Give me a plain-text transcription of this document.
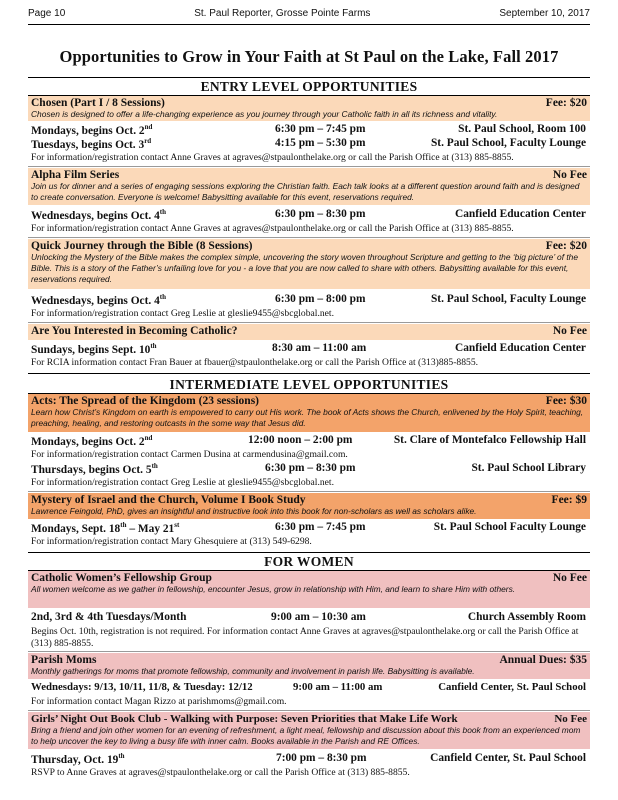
Page 10	St. Paul Reporter, Grosse Pointe Farms	September 10, 2017
Opportunities to Grow in Your Faith at St Paul on the Lake, Fall 2017
ENTRY LEVEL OPPORTUNITIES
Chosen (Part I / 8 Sessions)	Fee: $20
Chosen is designed to offer a life-changing experience as you journey through your Catholic faith in all its richness and vitality.
Mondays, begins Oct. 2nd	6:30 pm – 7:45 pm	St. Paul School, Room 100
Tuesdays, begins Oct. 3rd	4:15 pm – 5:30 pm	St. Paul School, Faculty Lounge
For information/registration contact Anne Graves at agraves@stpaulonthelake.org or call the Parish Office at (313) 885-8855.
Alpha Film Series	No Fee
Join us for dinner and a series of engaging sessions exploring the Christian faith. Each talk looks at a different question around faith and is designed to create conversation. Everyone is welcome! Babysitting available for this event, reservations required.
Wednesdays, begins Oct. 4th	6:30 pm – 8:30 pm	Canfield Education Center
For information/registration contact Anne Graves at agraves@stpaulonthelake.org or call the Parish Office at (313) 885-8855.
Quick Journey through the Bible (8 Sessions)	Fee: $20
Unlocking the Mystery of the Bible makes the complex simple, uncovering the story woven throughout Scripture and getting to the ‘big picture’ of the Bible. This is a story of the Father’s unfailing love for you - a love that you are now called to share with others. Babysitting available for this event, reservations required.
Wednesdays, begins Oct. 4th	6:30 pm – 8:00 pm	St. Paul School, Faculty Lounge
For information/registration contact Greg Leslie at gleslie9455@sbcglobal.net.
Are You Interested in Becoming Catholic?	No Fee
Sundays, begins Sept. 10th	8:30 am – 11:00 am	Canfield Education Center
For RCIA information contact Fran Bauer at fbauer@stpaulonthelake.org or call the Parish Office at (313)885-8855.
INTERMEDIATE LEVEL OPPORTUNITIES
Acts: The Spread of the Kingdom (23 sessions)	Fee: $30
Learn how Christ’s Kingdom on earth is empowered to carry out His work. The book of Acts shows the Church, enlivened by the Holy Spirit, teaching, preaching, healing, and restoring outcasts in the some way that Jesus did.
Mondays, begins Oct. 2nd	12:00 noon – 2:00 pm	St. Clare of Montefalco Fellowship Hall
For information/registration contact Carmen Dusina at carmendusina@gmail.com.
Thursdays, begins Oct. 5th	6:30 pm – 8:30 pm	St. Paul School Library
For information/registration contact Greg Leslie at gleslie9455@sbcglobal.net.
Mystery of Israel and the Church, Volume I Book Study	Fee: $9
Lawrence Feingold, PhD, gives an insightful and instructive look into this book for non-scholars as well as scholars alike.
Mondays, Sept. 18th – May 21st	6:30 pm – 7:45 pm	St. Paul School Faculty Lounge
For information/registration contact Mary Ghesquiere at (313) 549-6298.
FOR WOMEN
Catholic Women’s Fellowship Group	No Fee
All women welcome as we gather in fellowship, encounter Jesus, grow in relationship with Him, and learn to share Him with others.
2nd, 3rd & 4th Tuesdays/Month	9:00 am – 10:30 am	Church Assembly Room
Begins Oct. 10th, registration is not required. For information contact Anne Graves at agraves@stpaulonthelake.org or call the Parish Office at (313) 885-8855.
Parish Moms	Annual Dues: $35
Monthly gatherings for moms that promote fellowship, community and involvement in parish life. Babysitting is available.
Wednesdays: 9/13, 10/11, 11/8, & Tuesday: 12/12	9:00 am – 11:00 am	Canfield Center, St. Paul School
For information contact Magan Rizzo at parishmoms@gmail.com.
Girls’ Night Out Book Club - Walking with Purpose: Seven Priorities that Make Life Work	No Fee
Bring a friend and join other women for an evening of refreshment, a light meal, fellowship and discussion about this book from an experienced mom to help uncover the key to living a busy life with inner calm. Books available in the Parish and RE Offices.
Thursday, Oct. 19th	7:00 pm – 8:30 pm	Canfield Center, St. Paul School
RSVP to Anne Graves at agraves@stpaulonthelake.org or call the Parish Office at (313) 885-8855.
